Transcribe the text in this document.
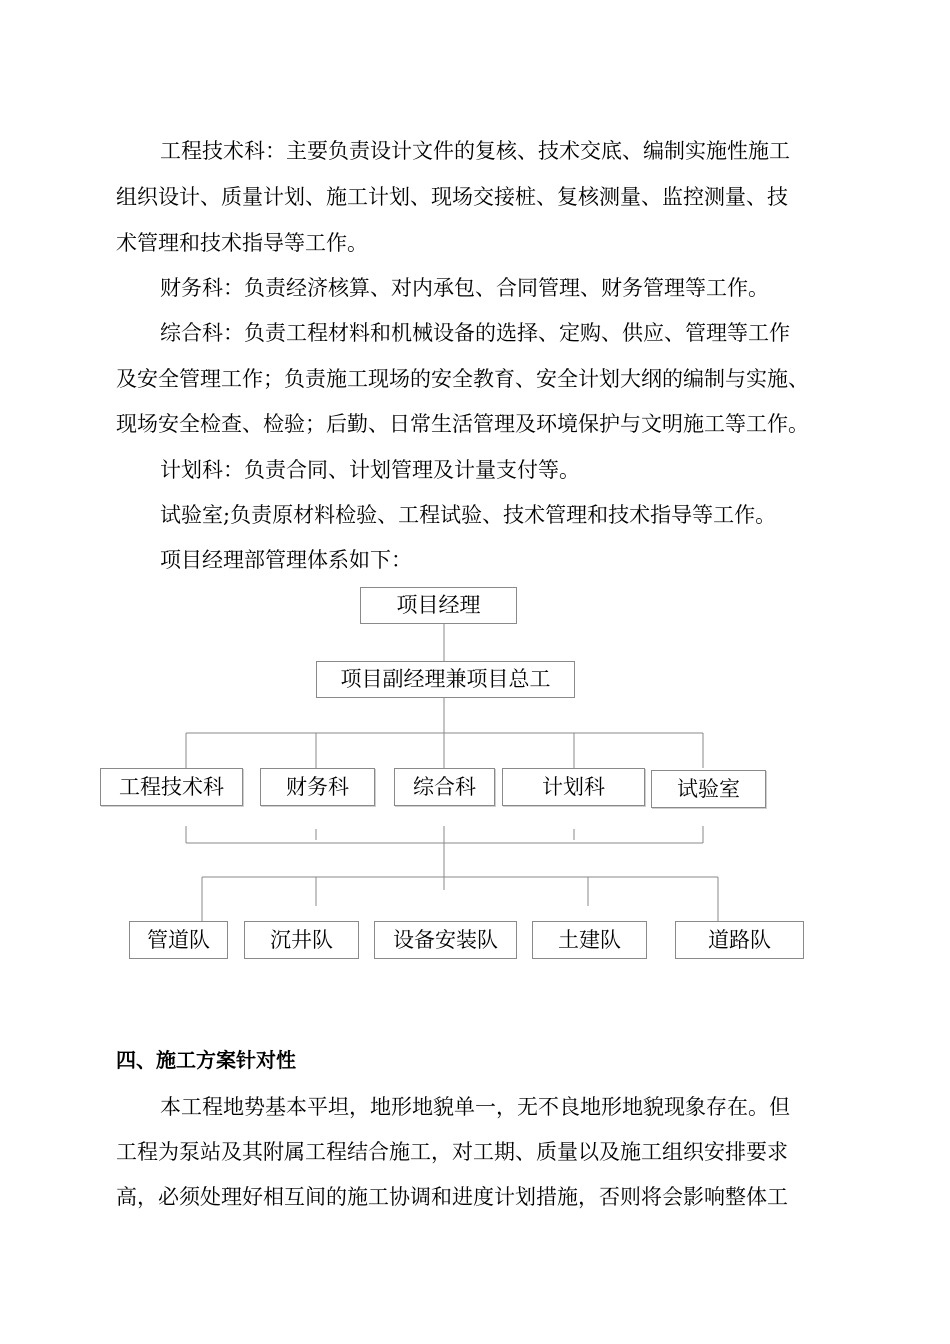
工程技术科：主要负责设计文件的复核、技术交底、编制实施性施工
组织设计、质量计划、施工计划、现场交接桩、复核测量、监控测量、技
术管理和技术指导等工作。
财务科：负责经济核算、对内承包、合同管理、财务管理等工作。
综合科：负责工程材料和机械设备的选择、定购、供应、管理等工作
及安全管理工作；负责施工现场的安全教育、安全计划大纲的编制与实施、
现场安全检查、检验；后勤、日常生活管理及环境保护与文明施工等工作。
计划科：负责合同、计划管理及计量支付等。
试验室;负责原材料检验、工程试验、技术管理和技术指导等工作。
项目经理部管理体系如下：
项目经理
项目副经理兼项目总工
工程技术科	财务科	综合科	计划科	试验室
管道队	沉井队	设备安装队	土建队	道路队
四、施工方案针对性
本工程地势基本平坦，地形地貌单一，无不良地形地貌现象存在。但
工程为泵站及其附属工程结合施工，对工期、质量以及施工组织安排要求
高，必须处理好相互间的施工协调和进度计划措施，否则将会影响整体工
